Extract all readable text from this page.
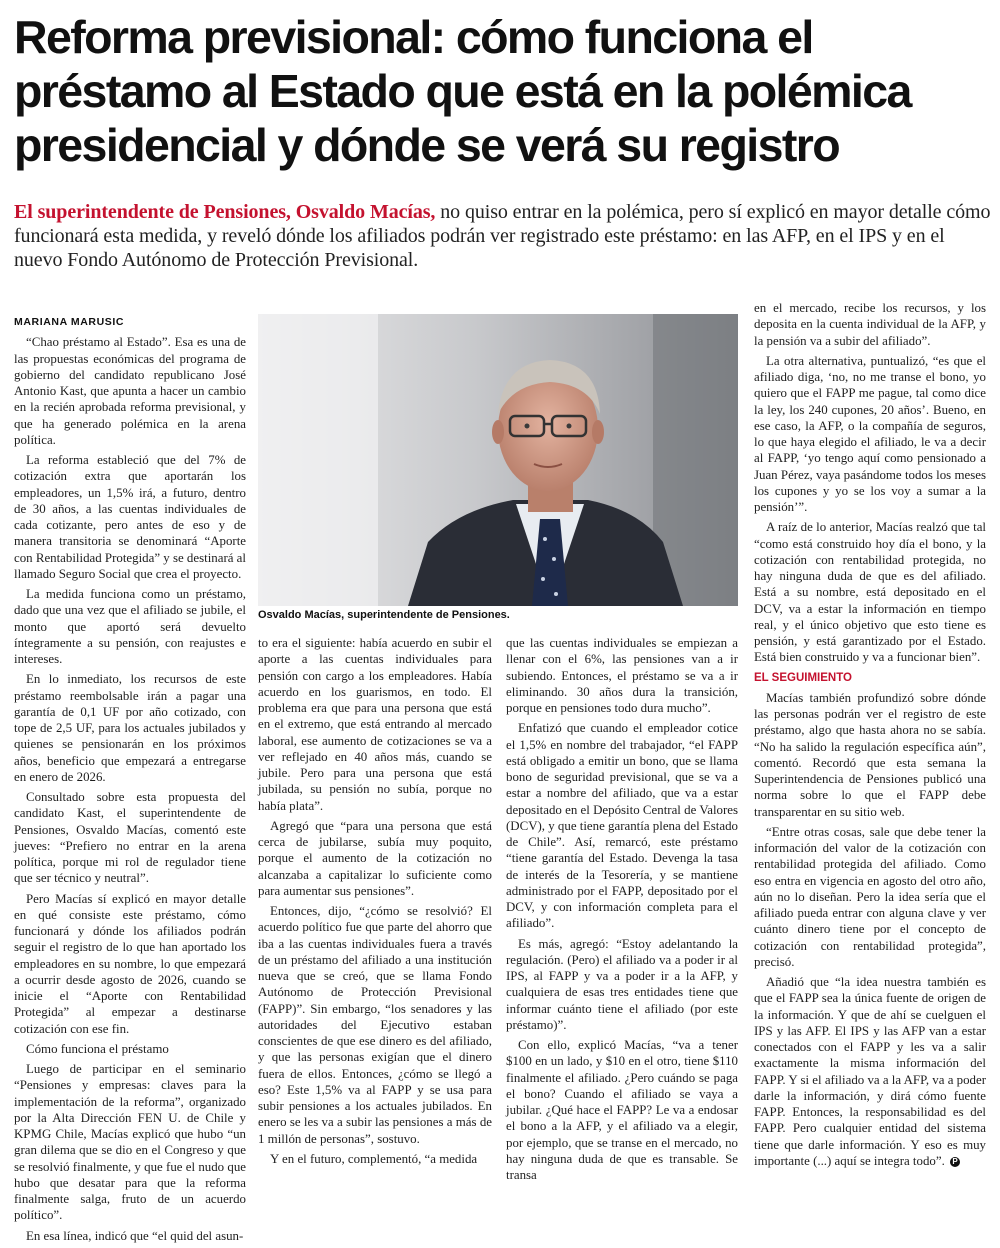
Reforma previsional: cómo funciona el préstamo al Estado que está en la polémica presidencial y dónde se verá su registro
El superintendente de Pensiones, Osvaldo Macías, no quiso entrar en la polémica, pero sí explicó en mayor detalle cómo funcionará esta medida, y reveló dónde los afiliados podrán ver registrado este préstamo: en las AFP, en el IPS y en el nuevo Fondo Autónomo de Protección Previsional.

MARIANA MARUSIC

“Chao préstamo al Estado”. Esa es una de las propuestas económicas del programa de gobierno del candidato republicano José Antonio Kast, que apunta a hacer un cambio en la recién aprobada reforma previsional, y que ha generado polémica en la arena política.

La reforma estableció que del 7% de cotización extra que aportarán los empleadores, un 1,5% irá, a futuro, dentro de 30 años, a las cuentas individuales de cada cotizante, pero antes de eso y de manera transitoria se denominará “Aporte con Rentabilidad Protegida” y se destinará al llamado Seguro Social que crea el proyecto.

La medida funciona como un préstamo, dado que una vez que el afiliado se jubile, el monto que aportó será devuelto íntegramente a su pensión, con reajustes e intereses.

En lo inmediato, los recursos de este préstamo reembolsable irán a pagar una garantía de 0,1 UF por año cotizado, con tope de 2,5 UF, para los actuales jubilados y quienes se pensionarán en los próximos años, beneficio que empezará a entregarse en enero de 2026.

Consultado sobre esta propuesta del candidato Kast, el superintendente de Pensiones, Osvaldo Macías, comentó este jueves: “Prefiero no entrar en la arena política, porque mi rol de regulador tiene que ser técnico y neutral”.

Pero Macías sí explicó en mayor detalle en qué consiste este préstamo, cómo funcionará y dónde los afiliados podrán seguir el registro de lo que han aportado los empleadores en su nombre, lo que empezará a ocurrir desde agosto de 2026, cuando se inicie el “Aporte con Rentabilidad Protegida” al empezar a destinarse cotización con ese fin.

Cómo funciona el préstamo

Luego de participar en el seminario “Pensiones y empresas: claves para la implementación de la reforma”, organizado por la Alta Dirección FEN U. de Chile y KPMG Chile, Macías explicó que hubo “un gran dilema que se dio en el Congreso y que se resolvió finalmente, y que fue el nudo que hubo que desatar para que la reforma finalmente salga, fruto de un acuerdo político”.

En esa línea, indicó que “el quid del asun-

Osvaldo Macías, superintendente de Pensiones.

to era el siguiente: había acuerdo en subir el aporte a las cuentas individuales para pensión con cargo a los empleadores. Había acuerdo en los guarismos, en todo. El problema era que para una persona que está en el extremo, que está entrando al mercado laboral, ese aumento de cotizaciones se va a ver reflejado en 40 años más, cuando se jubile. Pero para una persona que está jubilada, su pensión no subía, porque no había plata”.

Agregó que “para una persona que está cerca de jubilarse, subía muy poquito, porque el aumento de la cotización no alcanzaba a capitalizar lo suficiente como para aumentar sus pensiones”.

Entonces, dijo, “¿cómo se resolvió? El acuerdo político fue que parte del ahorro que iba a las cuentas individuales fuera a través de un préstamo del afiliado a una institución nueva que se creó, que se llama Fondo Autónomo de Protección Previsional (FAPP)”. Sin embargo, “los senadores y las autoridades del Ejecutivo estaban conscientes de que ese dinero es del afiliado, y que las personas exigían que el dinero fuera de ellos. Entonces, ¿cómo se llegó a eso? Este 1,5% va al FAPP y se usa para subir pensiones a los actuales jubilados. En enero se les va a subir las pensiones a más de 1 millón de personas”, sostuvo.

Y en el futuro, complementó, “a medida

que las cuentas individuales se empiezan a llenar con el 6%, las pensiones van a ir subiendo. Entonces, el préstamo se va a ir eliminando. 30 años dura la transición, porque en pensiones todo dura mucho”.

Enfatizó que cuando el empleador cotice el 1,5% en nombre del trabajador, “el FAPP está obligado a emitir un bono, que se llama bono de seguridad previsional, que se va a estar a nombre del afiliado, que va a estar depositado en el Depósito Central de Valores (DCV), y que tiene garantía plena del Estado de Chile”. Así, remarcó, este préstamo “tiene garantía del Estado. Devenga la tasa de interés de la Tesorería, y se mantiene administrado por el FAPP, depositado por el DCV, y con información completa para el afiliado”.

Es más, agregó: “Estoy adelantando la regulación. (Pero) el afiliado va a poder ir al IPS, al FAPP y va a poder ir a la AFP, y cualquiera de esas tres entidades tiene que informar cuánto tiene el afiliado (por este préstamo)”.

Con ello, explicó Macías, “va a tener $100 en un lado, y $10 en el otro, tiene $110 finalmente el afiliado. ¿Pero cuándo se paga el bono? Cuando el afiliado se vaya a jubilar. ¿Qué hace el FAPP? Le va a endosar el bono a la AFP, y el afiliado va a elegir, por ejemplo, que se transe en el mercado, no hay ninguna duda de que es transable. Se transa

en el mercado, recibe los recursos, y los deposita en la cuenta individual de la AFP, y la pensión va a subir del afiliado”.

La otra alternativa, puntualizó, “es que el afiliado diga, ‘no, no me transe el bono, yo quiero que el FAPP me pague, tal como dice la ley, los 240 cupones, 20 años’. Bueno, en ese caso, la AFP, o la compañía de seguros, lo que haya elegido el afiliado, le va a decir al FAPP, ‘yo tengo aquí como pensionado a Juan Pérez, vaya pasándome todos los meses los cupones y yo se los voy a sumar a la pensión’”.

A raíz de lo anterior, Macías realzó que tal “como está construido hoy día el bono, y la cotización con rentabilidad protegida, no hay ninguna duda de que es del afiliado. Está a su nombre, está depositado en el DCV, va a estar la información en tiempo real, y el único objetivo que esto tiene es pensión, y está garantizado por el Estado. Está bien construido y va a funcionar bien”.

EL SEGUIMIENTO

Macías también profundizó sobre dónde las personas podrán ver el registro de este préstamo, algo que hasta ahora no se sabía. “No ha salido la regulación específica aún”, comentó. Recordó que esta semana la Superintendencia de Pensiones publicó una norma sobre lo que el FAPP debe transparentar en su sitio web.

“Entre otras cosas, sale que debe tener la información del valor de la cotización con rentabilidad protegida del afiliado. Como eso entra en vigencia en agosto del otro año, aún no lo diseñan. Pero la idea sería que el afiliado pueda entrar con alguna clave y ver cuánto dinero tiene por el concepto de cotización con rentabilidad protegida”, precisó.

Añadió que “la idea nuestra también es que el FAPP sea la única fuente de origen de la información. Y que de ahí se cuelguen el IPS y las AFP. El IPS y las AFP van a estar conectados con el FAPP y les va a salir exactamente la misma información del FAPP. Y si el afiliado va a la AFP, va a poder darle la información, y dirá cómo fuente FAPP. Entonces, la responsabilidad es del FAPP. Pero cualquier entidad del sistema tiene que darle información. Y eso es muy importante (...) aquí se integra todo”. P
